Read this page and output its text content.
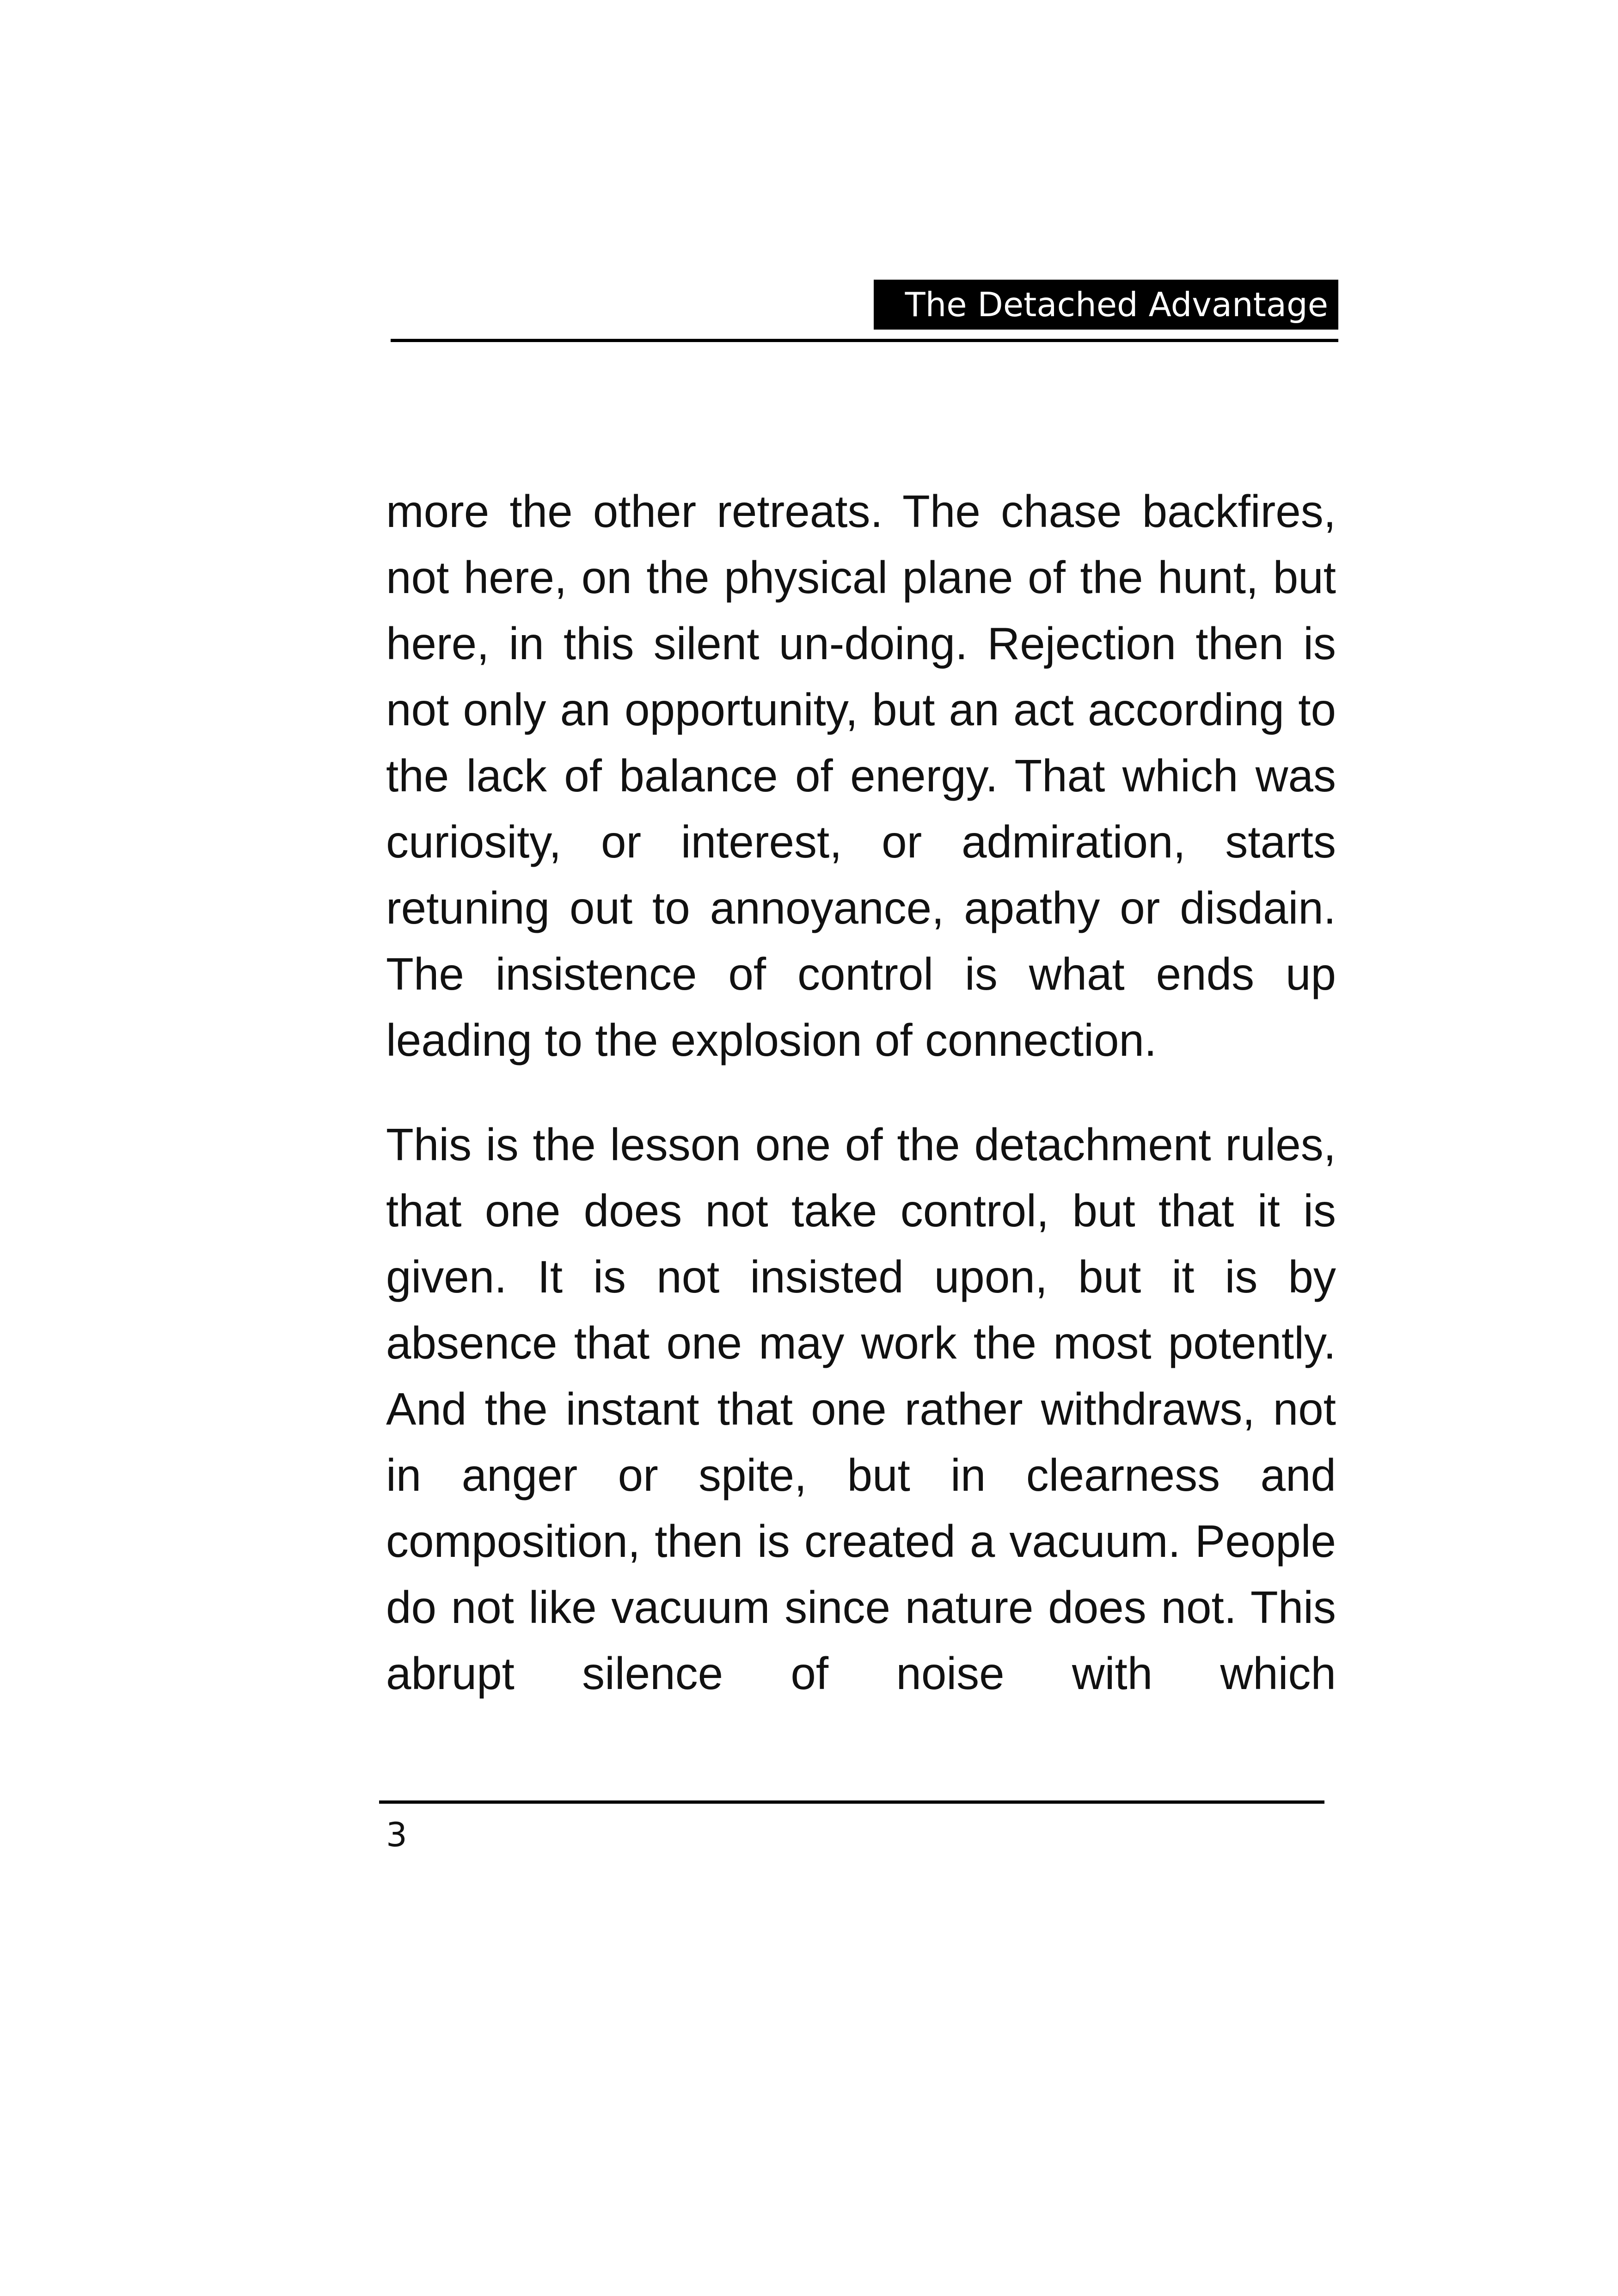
The Detached Advantage

more the other retreats. The chase backfires, not here, on the physical plane of the hunt, but here, in this silent un-doing. Rejection then is not only an opportunity, but an act according to the lack of balance of energy. That which was curiosity, or interest, or admiration, starts retuning out to annoyance, apathy or disdain. The insistence of control is what ends up leading to the explosion of connection.

This is the lesson one of the detachment rules, that one does not take control, but that it is given. It is not insisted upon, but it is by absence that one may work the most potently. And the instant that one rather withdraws, not in anger or spite, but in clearness and composition, then is created a vacuum. People do not like vacuum since nature does not. This abrupt silence of noise with which

3
